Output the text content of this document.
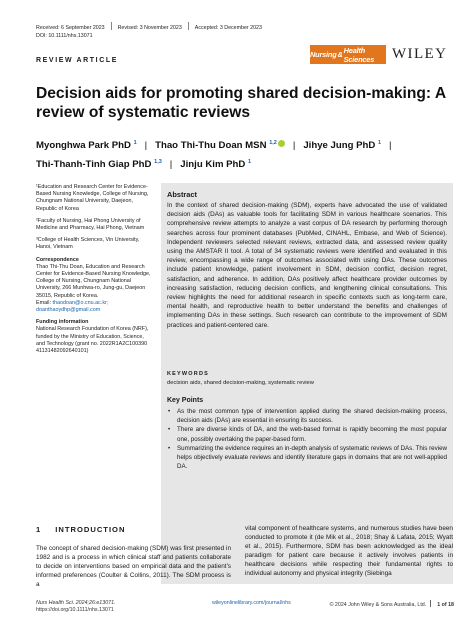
Received: 6 September 2023 Revised: 3 November 2023 Accepted: 3 December 2023
DOI: 10.1111/nhs.13071
REVIEW ARTICLE
Nursing & Health Sciences	WILEY
Decision aids for promoting shared decision-making: A review of systematic reviews
Myonghwa Park PhD $^1$ | Thao Thi-Thu Doan MSN $^{1,2}$ | Jihye Jung PhD $^1$ |
Thi-Thanh-Tinh Giap PhD $^{1,3}$ | Jinju Kim PhD $^1$

¹Education and Research Center for Evidence-Based Nursing Knowledge, College of Nursing, Chungnam National University, Daejeon, Republic of Korea

²Faculty of Nursing, Hai Phong University of Medicine and Pharmacy, Hai Phong, Vietnam

³College of Health Sciences, Vin University, Hanoi, Vietnam

Correspondence

Thao Thi-Thu Doan, Education and Research Center for Evidence-Based Nursing Knowledge, College of Nursing, Chungnam National University, 266 Munhwa-ro, Jung-gu, Daejeon 35015, Republic of Korea.
Email: thaodoan@o.cnu.ac.kr; doanthaoydhp@gmail.com

Funding information

National Research Foundation of Korea (NRF), funded by the Ministry of Education, Science, and Technology (grant no. 2022R1A2C100390 41131482092640101)

Abstract
In the context of shared decision-making (SDM), experts have advocated the use of validated decision aids (DAs) as valuable tools for facilitating SDM in various healthcare scenarios. This comprehensive review attempts to analyze a vast corpus of DA research by performing thorough searches across four prominent databases (PubMed, CINAHL, Embase, and Web of Science). Independent reviewers selected relevant reviews, extracted data, and assessed review quality using the AMSTAR II tool. A total of 34 systematic reviews were identified and evaluated in this review, encompassing a wide range of outcomes associated with using DAs. These outcomes include patient knowledge, patient involvement in SDM, decision conflict, decision regret, satisfaction, and adherence. In addition, DAs positively affect healthcare provider outcomes by increasing satisfaction, reducing decision conflicts, and lengthening clinical consultations. This review highlights the need for additional research in specific contexts such as long-term care, mental health, and reproductive health to better understand the benefits and challenges of implementing DAs in these settings. Such research can contribute to the improvement of SDM practices and patient-centered care.
KEYWORDS
decision aids, shared decision-making, systematic review
Key Points
• As the most common type of intervention applied during the shared decision-making process, decision aids (DAs) are essential in ensuring its success.
• There are diverse kinds of DA, and the web-based format is rapidly becoming the most popular one, possibly overtaking the paper-based form.
• Summarizing the evidence requires an in-depth analysis of systematic reviews of DAs. This review helps objectively evaluate reviews and identify literature gaps in domains that are not well-applied DA.
1 INTRODUCTION
The concept of shared decision-making (SDM) was first presented in 1982 and is a process in which clinical staff and patients collaborate to decide on interventions based on empirical data and the patient's informed preferences (Coulter & Collins, 2011). The SDM process is a
vital component of healthcare systems, and numerous studies have been conducted to promote it (de Mik et al., 2018; Shay & Lafata, 2015; Wyatt et al., 2015). Furthermore, SDM has been acknowledged as the ideal paradigm for patient care because it actively involves patients in healthcare decisions while respecting their fundamental rights to individual autonomy and physical integrity (Siebinga
Nurs Health Sci. 2024;26:e13071.
https://doi.org/10.1111/nhs.13071
wileyonlinelibrary.com/journal/nhs	© 2024 John Wiley & Sons Australia, Ltd. 1 of 18
